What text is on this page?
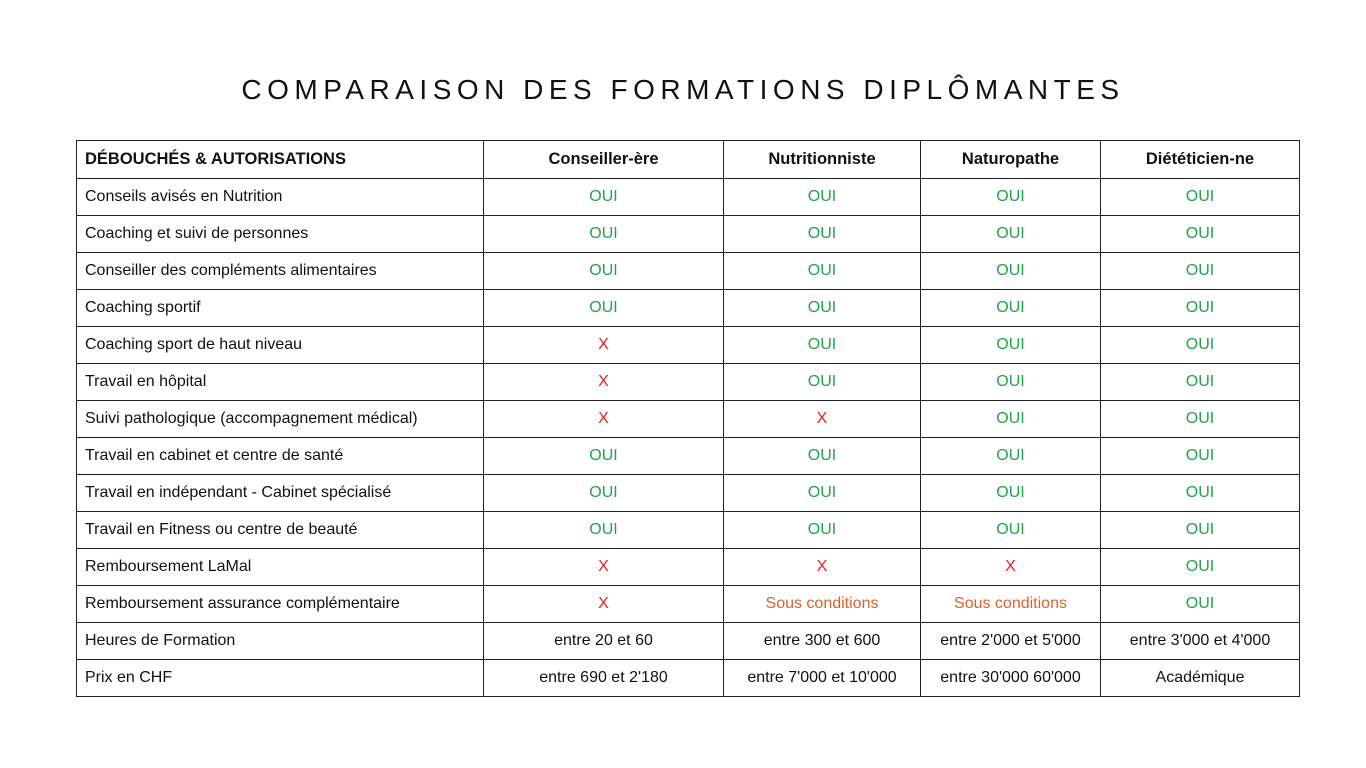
COMPARAISON DES FORMATIONS DIPLÔMANTES
DÉBOUCHÉS & AUTORISATIONS	Conseiller-ère	Nutritionniste	Naturopathe	Diététicien-ne
Conseils avisés en Nutrition	OUI	OUI	OUI	OUI
Coaching et suivi de personnes	OUI	OUI	OUI	OUI
Conseiller des compléments alimentaires	OUI	OUI	OUI	OUI
Coaching sportif	OUI	OUI	OUI	OUI
Coaching sport de haut niveau	X	OUI	OUI	OUI
Travail en hôpital	X	OUI	OUI	OUI
Suivi pathologique (accompagnement médical)	X	X	OUI	OUI
Travail en cabinet et centre de santé	OUI	OUI	OUI	OUI
Travail en indépendant - Cabinet spécialisé	OUI	OUI	OUI	OUI
Travail en Fitness ou centre de beauté	OUI	OUI	OUI	OUI
Remboursement LaMal	X	X	X	OUI
Remboursement assurance complémentaire	X	Sous conditions	Sous conditions	OUI
Heures de Formation	entre 20 et 60	entre 300 et 600	entre 2'000 et 5'000	entre 3'000 et 4'000
Prix en CHF	entre 690 et 2'180	entre 7'000 et 10'000	entre 30'000 60'000	Académique
